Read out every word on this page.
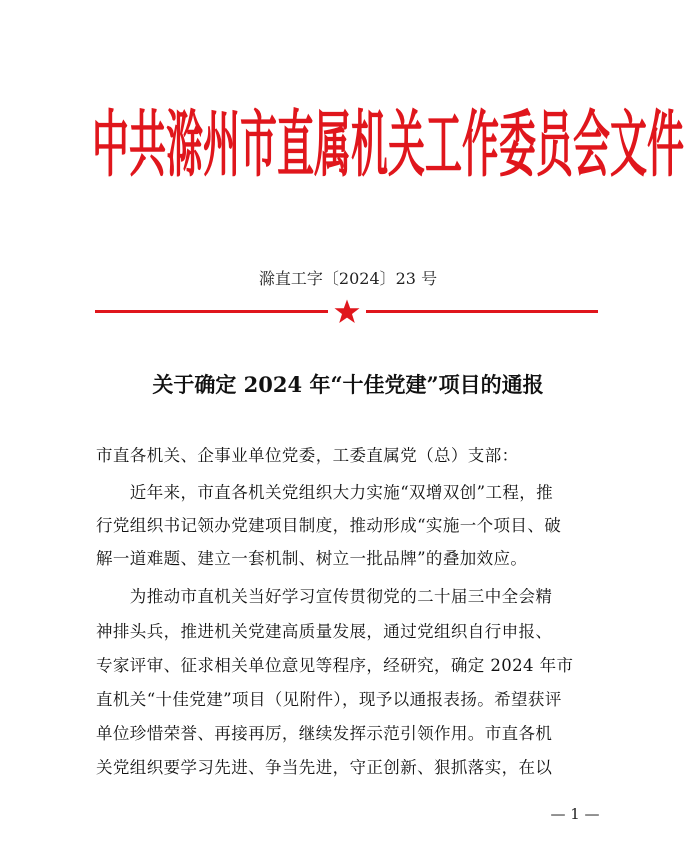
中共滁州市直属机关工作委员会文件
滁直工字〔2024〕23 号
关于确定 2024 年“十佳党建”项目的通报
市直各机关、企事业单位党委，工委直属党（总）支部：
　　近年来，市直各机关党组织大力实施“双增双创”工程，推
行党组织书记领办党建项目制度，推动形成“实施一个项目、破
解一道难题、建立一套机制、树立一批品牌”的叠加效应。
　　为推动市直机关当好学习宣传贯彻党的二十届三中全会精
神排头兵，推进机关党建高质量发展，通过党组织自行申报、
专家评审、征求相关单位意见等程序，经研究，确定 2024 年市
直机关“十佳党建”项目（见附件），现予以通报表扬。希望获评
单位珍惜荣誉、再接再厉，继续发挥示范引领作用。市直各机
关党组织要学习先进、争当先进，守正创新、狠抓落实，在以
— 1 —
